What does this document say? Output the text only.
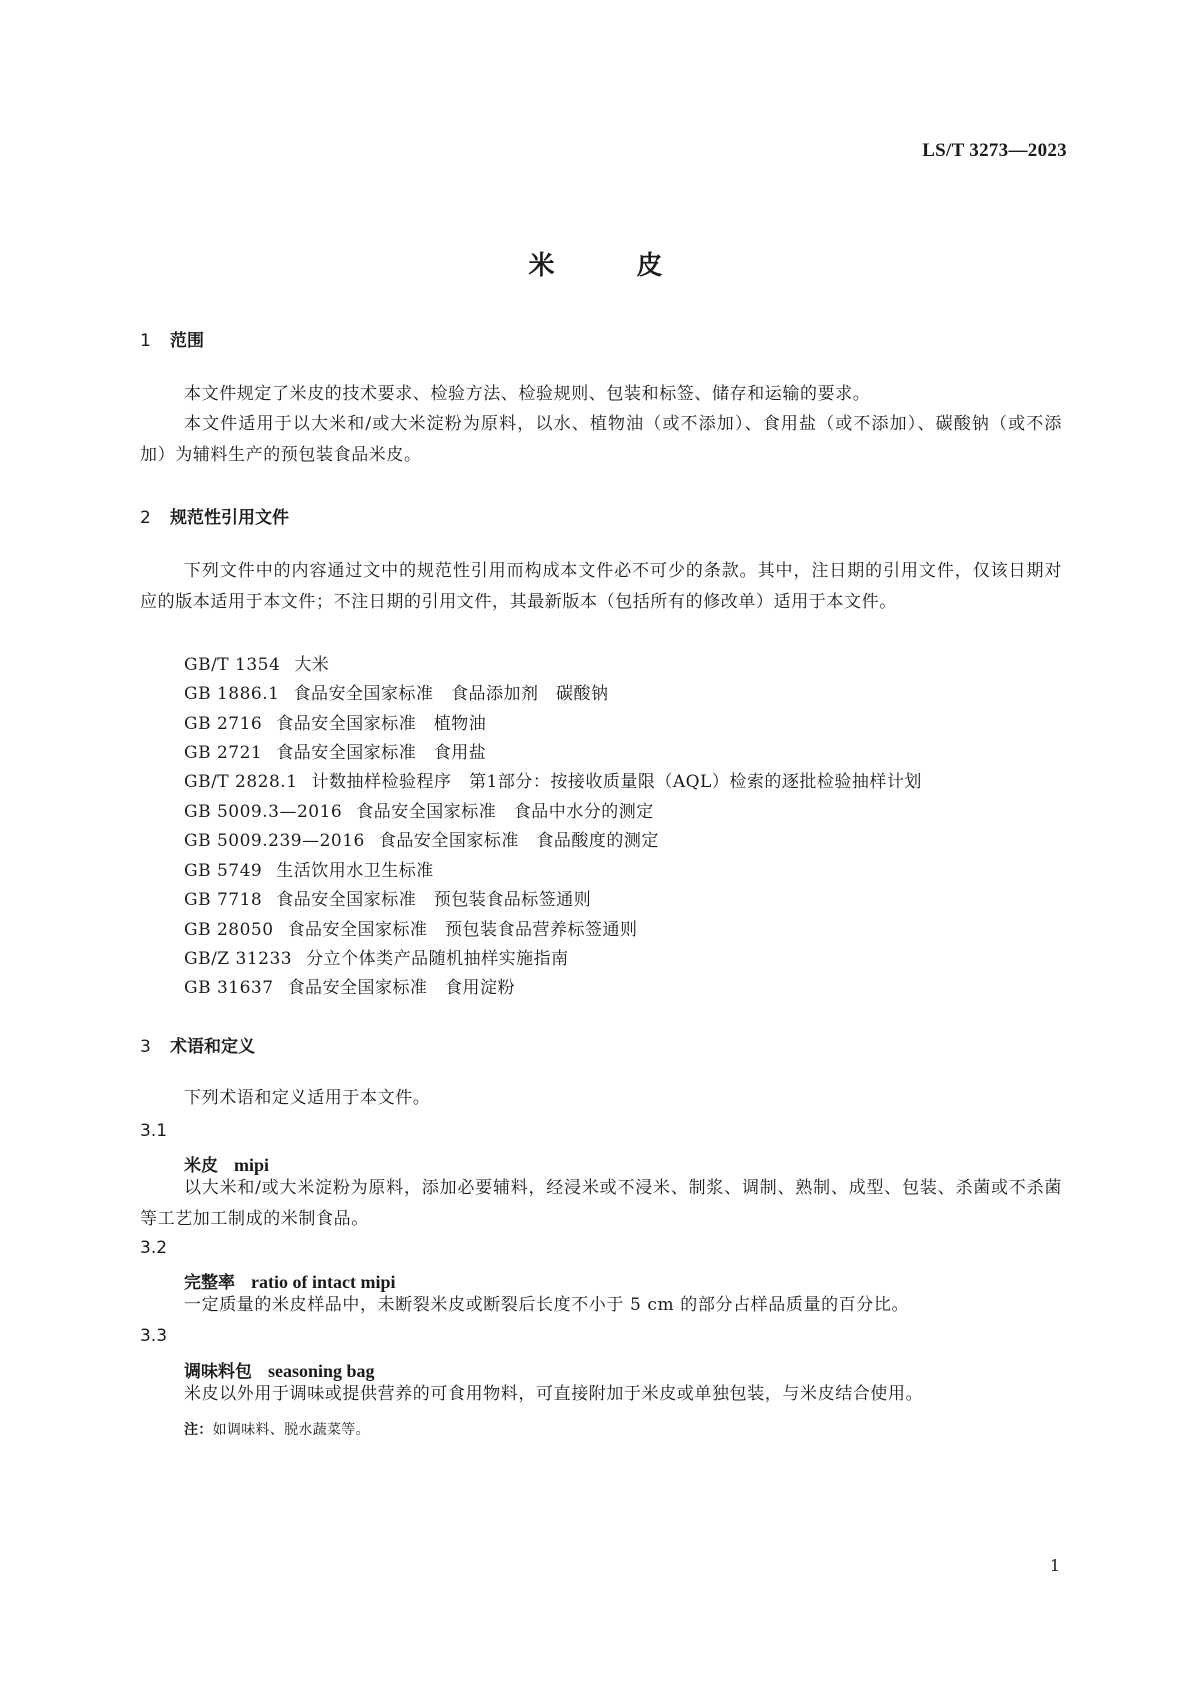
LS/T 3273—2023
米	皮
1 范围
本文件规定了米皮的技术要求、检验方法、检验规则、包装和标签、储存和运输的要求。
本文件适用于以大米和/或大米淀粉为原料，以水、植物油（或不添加）、食用盐（或不添加）、碳酸钠（或不添加）为辅料生产的预包装食品米皮。
2 规范性引用文件
下列文件中的内容通过文中的规范性引用而构成本文件必不可少的条款。其中，注日期的引用文件，仅该日期对应的版本适用于本文件；不注日期的引用文件，其最新版本（包括所有的修改单）适用于本文件。
GB/T 1354 大米
GB 1886.1 食品安全国家标准　食品添加剂　碳酸钠
GB 2716 食品安全国家标准　植物油
GB 2721 食品安全国家标准　食用盐
GB/T 2828.1 计数抽样检验程序　第1部分：按接收质量限（AQL）检索的逐批检验抽样计划
GB 5009.3—2016 食品安全国家标准　食品中水分的测定
GB 5009.239—2016 食品安全国家标准　食品酸度的测定
GB 5749 生活饮用水卫生标准
GB 7718 食品安全国家标准　预包装食品标签通则
GB 28050 食品安全国家标准　预包装食品营养标签通则
GB/Z 31233 分立个体类产品随机抽样实施指南
GB 31637 食品安全国家标准　食用淀粉
3 术语和定义
下列术语和定义适用于本文件。
3.1
米皮 mipi
以大米和/或大米淀粉为原料，添加必要辅料，经浸米或不浸米、制浆、调制、熟制、成型、包装、杀菌或不杀菌等工艺加工制成的米制食品。
3.2
完整率 ratio of intact mipi
一定质量的米皮样品中，未断裂米皮或断裂后长度不小于 5 cm 的部分占样品质量的百分比。
3.3
调味料包 seasoning bag
米皮以外用于调味或提供营养的可食用物料，可直接附加于米皮或单独包装，与米皮结合使用。
注：如调味料、脱水蔬菜等。
1
